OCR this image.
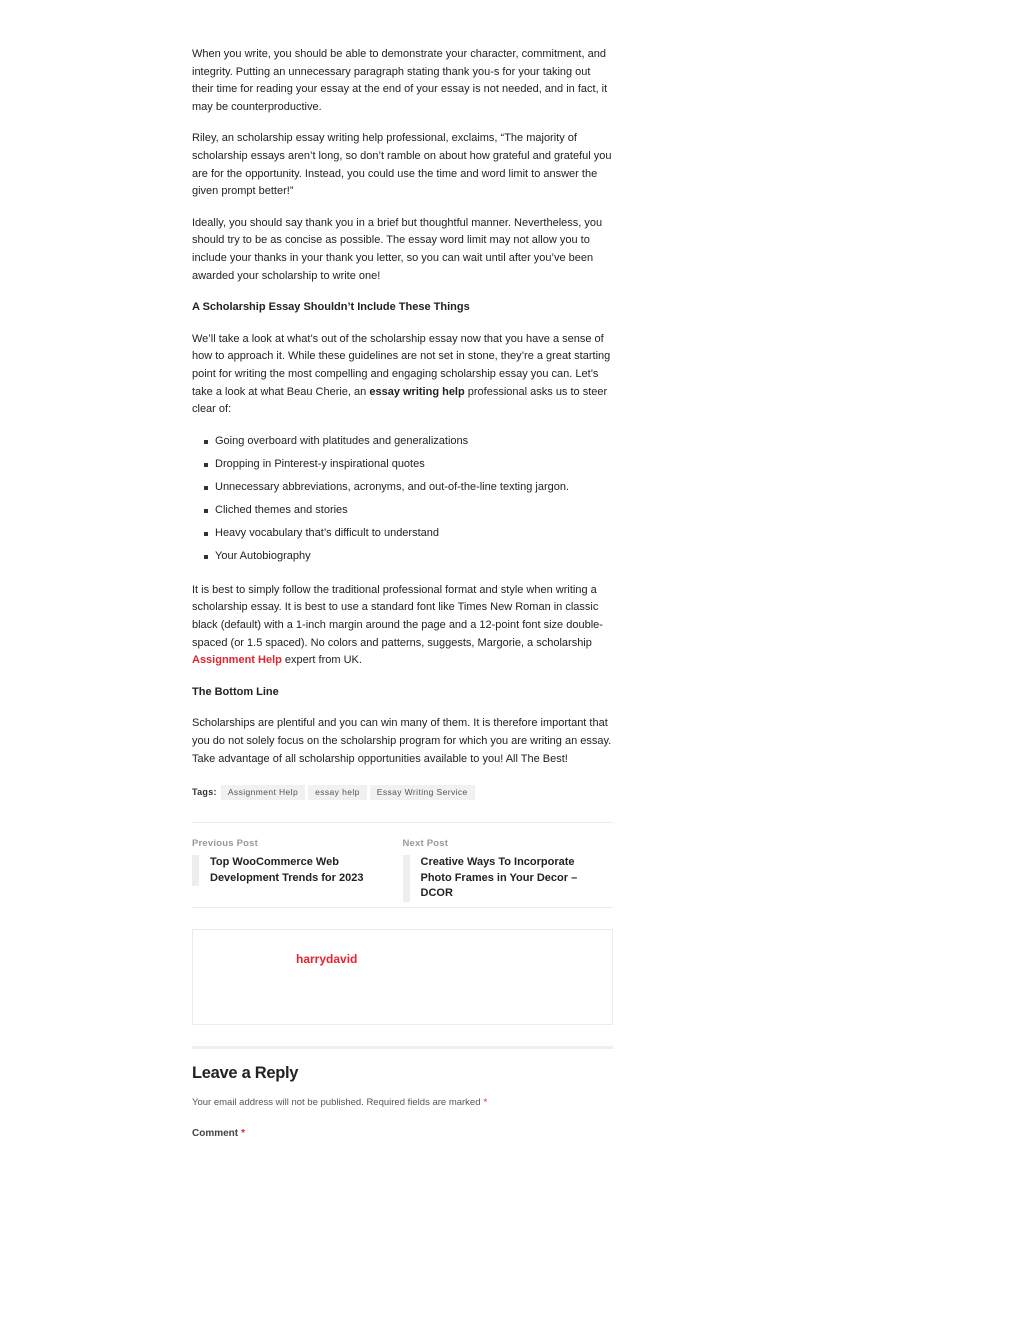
When you write, you should be able to demonstrate your character, commitment, and integrity. Putting an unnecessary paragraph stating thank you-s for your taking out their time for reading your essay at the end of your essay is not needed, and in fact, it may be counterproductive.

Riley, an scholarship essay writing help professional, exclaims, “The majority of scholarship essays aren’t long, so don’t ramble on about how grateful and grateful you are for the opportunity. Instead, you could use the time and word limit to answer the given prompt better!”

Ideally, you should say thank you in a brief but thoughtful manner. Nevertheless, you should try to be as concise as possible. The essay word limit may not allow you to include your thanks in your thank you letter, so you can wait until after you’ve been awarded your scholarship to write one!

A Scholarship Essay Shouldn’t Include These Things

We’ll take a look at what’s out of the scholarship essay now that you have a sense of how to approach it. While these guidelines are not set in stone, they’re a great starting point for writing the most compelling and engaging scholarship essay you can. Let’s take a look at what Beau Cherie, an essay writing help professional asks us to steer clear of:

Going overboard with platitudes and generalizations
Dropping in Pinterest-y inspirational quotes
Unnecessary abbreviations, acronyms, and out-of-the-line texting jargon.
Cliched themes and stories
Heavy vocabulary that’s difficult to understand
Your Autobiography

It is best to simply follow the traditional professional format and style when writing a scholarship essay. It is best to use a standard font like Times New Roman in classic black (default) with a 1-inch margin around the page and a 12-point font size double-spaced (or 1.5 spaced). No colors and patterns, suggests, Margorie, a scholarship Assignment Help expert from UK.

The Bottom Line

Scholarships are plentiful and you can win many of them. It is therefore important that you do not solely focus on the scholarship program for which you are writing an essay. Take advantage of all scholarship opportunities available to you! All The Best!

Tags:	Assignment Help	essay help	Essay Writing Service
Previous Post
Top WooCommerce Web Development Trends for 2023
Next Post
Creative Ways To Incorporate Photo Frames in Your Decor – DCOR
harrydavid
Leave a Reply
Your email address will not be published. Required fields are marked *
Comment *
